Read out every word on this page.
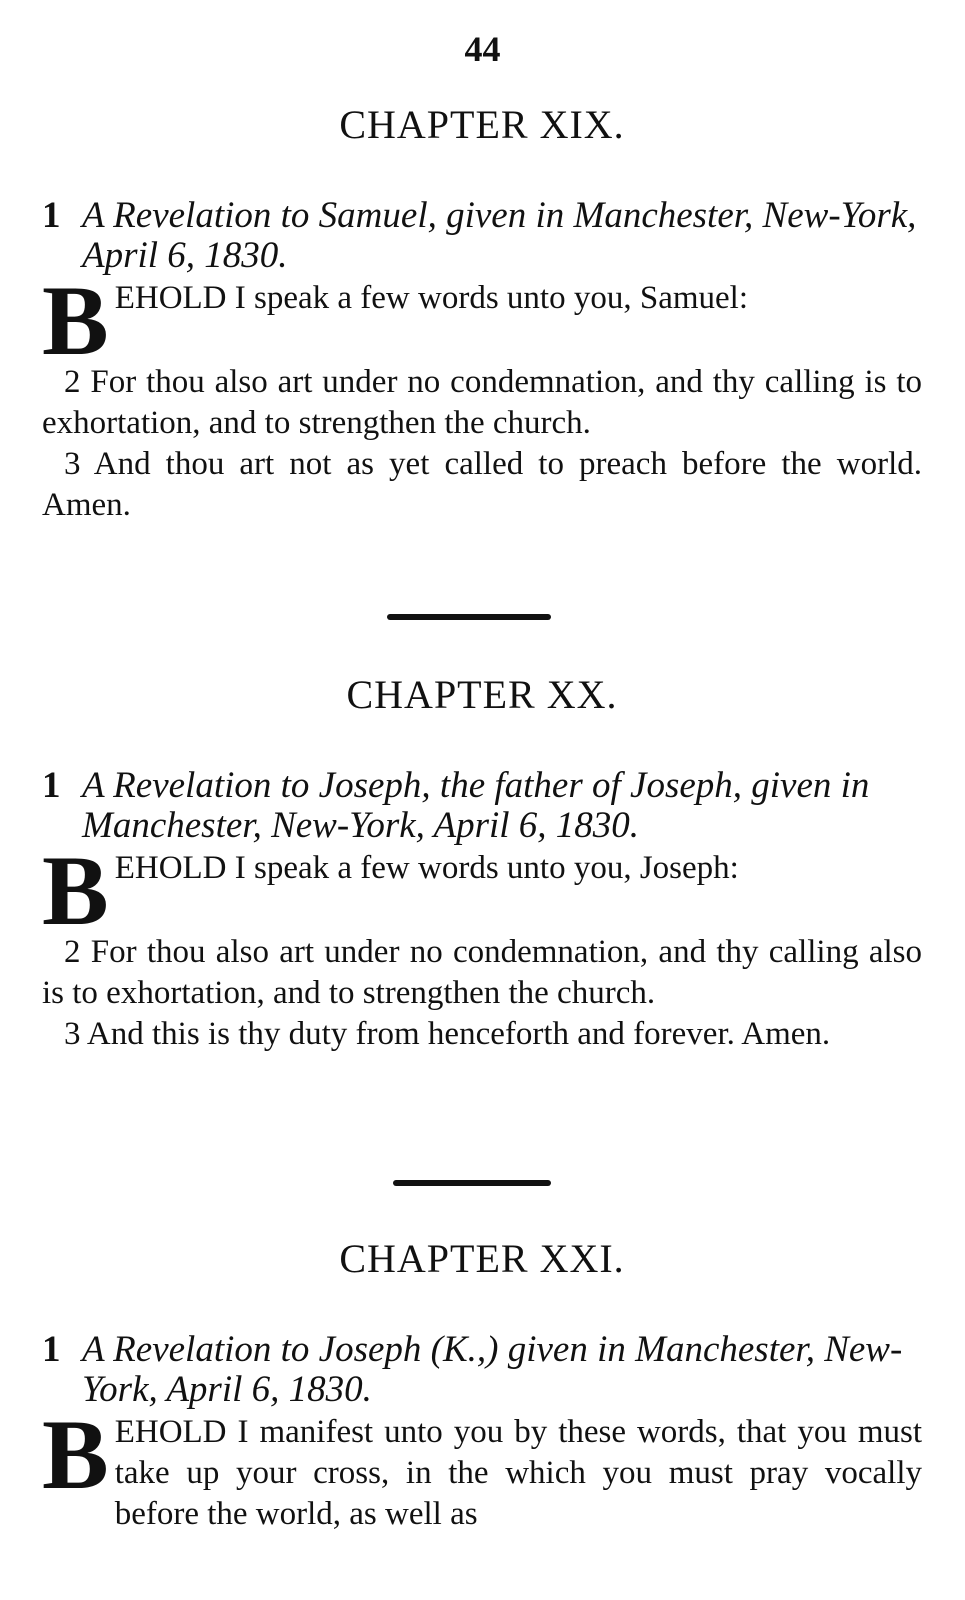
44
CHAPTER XIX.
1 A Revelation to Samuel, given in Manchester, New-York, April 6, 1830.
B EHOLD I speak a few words unto you, Samuel:
2 For thou also art under no condemnation, and thy calling is to exhortation, and to strengthen the church.
3 And thou art not as yet called to preach before the world. Amen.
CHAPTER XX.
1 A Revelation to Joseph, the father of Joseph, given in Manchester, New-York, April 6, 1830.
B EHOLD I speak a few words unto you, Joseph:
2 For thou also art under no condemnation, and thy calling also is to exhortation, and to strengthen the church.
3 And this is thy duty from henceforth and forever. Amen.
CHAPTER XXI.
1 A Revelation to Joseph (K.,) given in Manchester, New-York, April 6, 1830.
B EHOLD I manifest unto you by these words, that you must take up your cross, in the which you must pray vocally before the world, as well as
